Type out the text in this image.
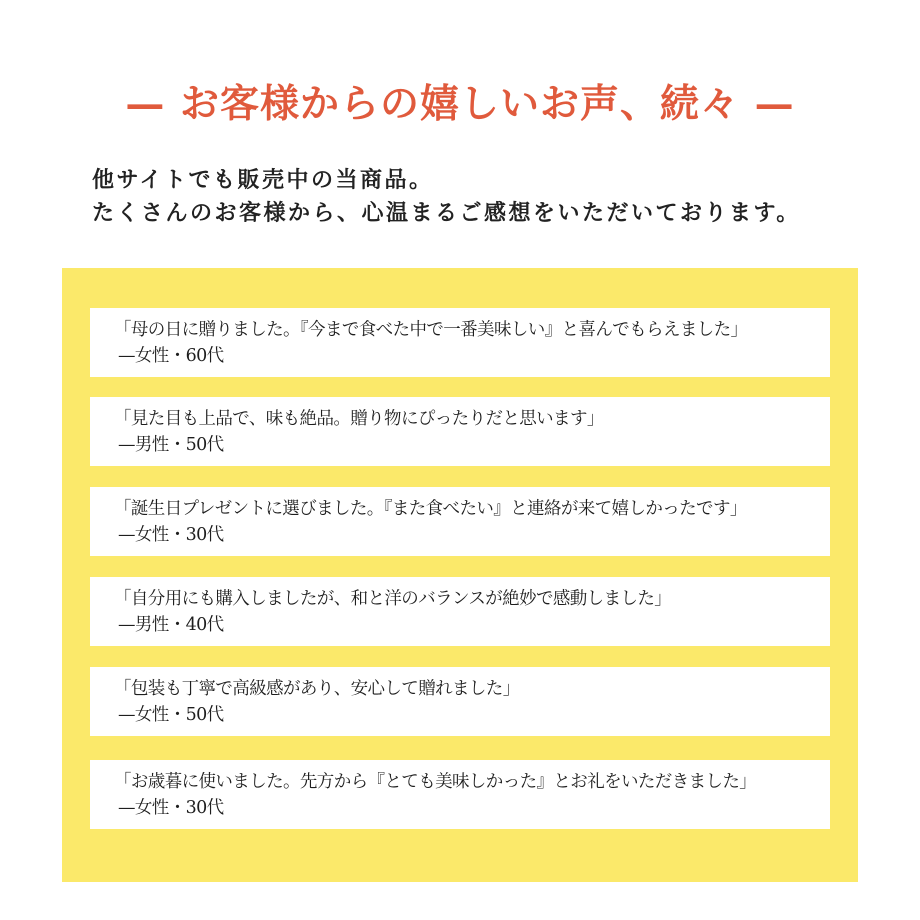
— お客様からの嬉しいお声、続々 —
他サイトでも販売中の当商品。
たくさんのお客様から、心温まるご感想をいただいております。
「母の日に贈りました。『今まで食べた中で一番美味しい』と喜んでもらえました」
—女性・60代
「見た目も上品で、味も絶品。贈り物にぴったりだと思います」
—男性・50代
「誕生日プレゼントに選びました。『また食べたい』と連絡が来て嬉しかったです」
—女性・30代
「自分用にも購入しましたが、和と洋のバランスが絶妙で感動しました」
—男性・40代
「包装も丁寧で高級感があり、安心して贈れました」
—女性・50代
「お歳暮に使いました。先方から『とても美味しかった』とお礼をいただきました」
—女性・30代
